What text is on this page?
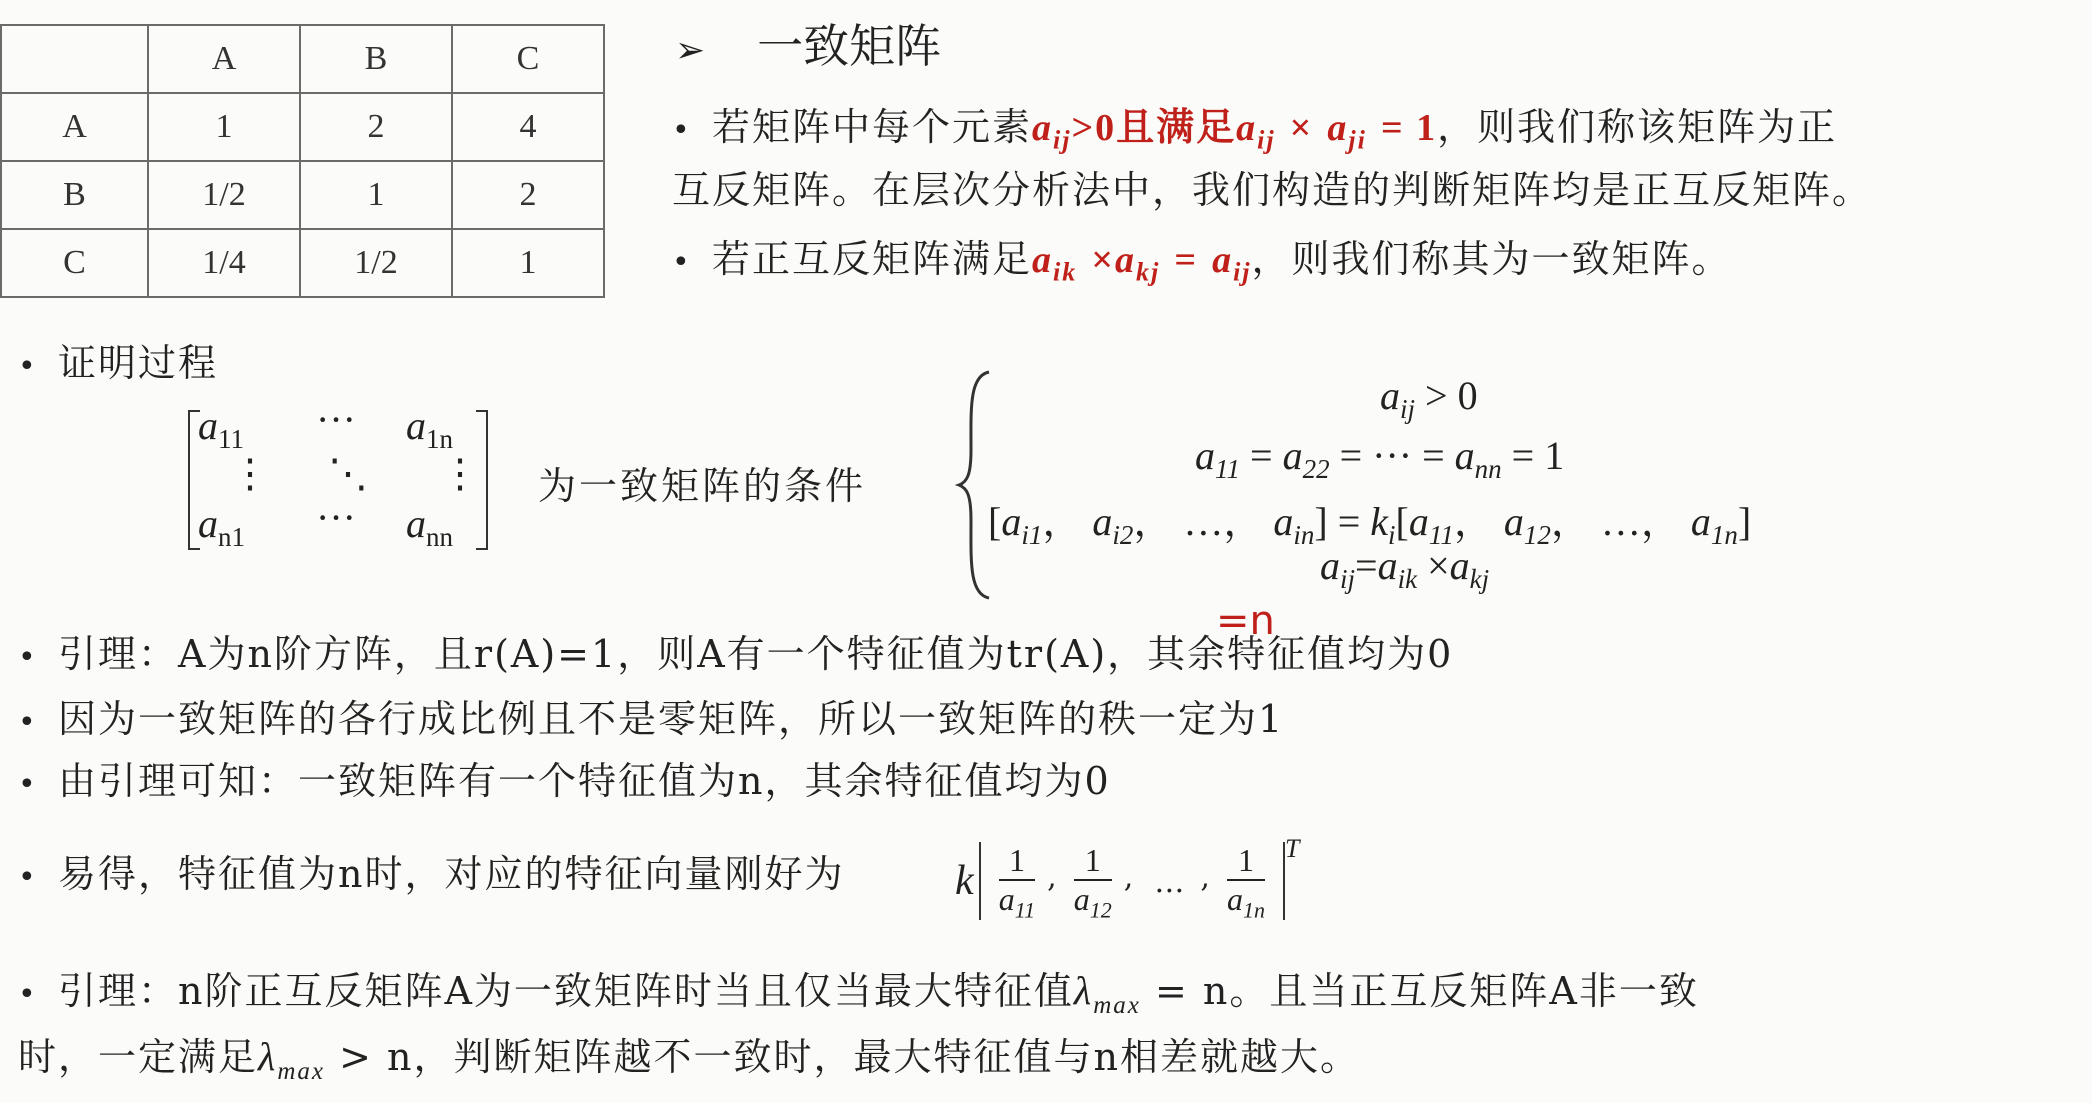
	A	B	C
A	1	2	4
B	1/2	1	2
C	1/4	1/2	1
➢ 一致矩阵
• 若矩阵中每个元素$a_{ij}>0$且满足$a_{ij} \times a_{ji} = 1$，则我们称该矩阵为正
互反矩阵。在层次分析法中，我们构造的判断矩阵均是正互反矩阵。
• 若正互反矩阵满足$a_{ik} \times a_{kj} = a_{ij}$，则我们称其为一致矩阵。
• 证明过程
$a_{11}$ ··· $a_{1n}$
⋮ ⋱ ⋮
$a_{n1}$ ··· $a_{nn}$
为一致矩阵的条件
$a_{ij} > 0$
$a_{11} = a_{22}$ = ··· = $a_{nn} = 1$
[$a_{i1}$， $a_{i2}$， …， $a_{in}] = k_i[a_{11}$， $a_{12}$， …， $a_{1n}$]
$a_{ij}=a_{ik} \times a_{kj}$
• 引理：A为n阶方阵，且r(A)=1，则A有一个特征值为tr(A)，其余特征值均为0
=n
• 因为一致矩阵的各行成比例且不是零矩阵，所以一致矩阵的秩一定为1
• 由引理可知：一致矩阵有一个特征值为n，其余特征值均为0
• 易得，特征值为n时，对应的特征向量刚好为	k $\frac{1}{a_{11}}$ , $\frac{1}{a_{12}}$ , … , $\frac{1}{a_{1n}}$ T
• 引理：n阶正互反矩阵A为一致矩阵时当且仅当最大特征值$\lambda_{max} = n$。且当正互反矩阵A非一致
时，一定满足$\lambda_{max} > n$，判断矩阵越不一致时，最大特征值与n相差就越大。
